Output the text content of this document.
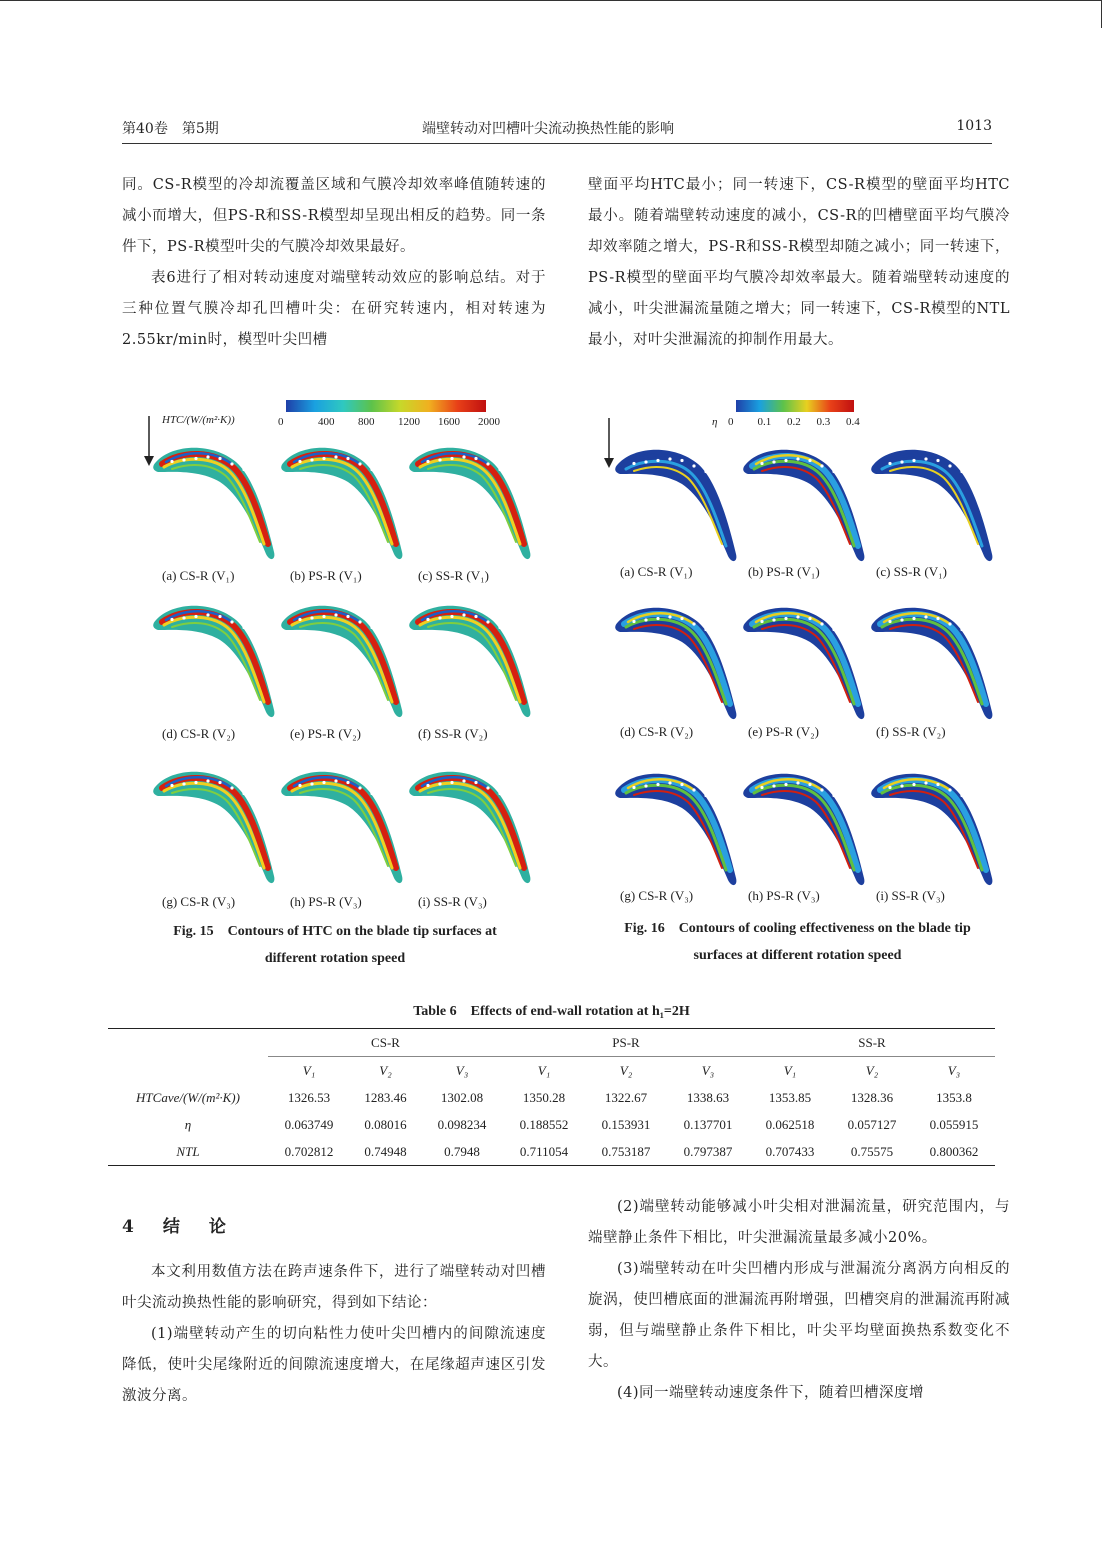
第40卷　第5期	端壁转动对凹槽叶尖流动换热性能的影响	1013

同。CS-R模型的冷却流覆盖区域和气膜冷却效率峰值随转速的减小而增大，但PS-R和SS-R模型却呈现出相反的趋势。同一条件下，PS-R模型叶尖的气膜冷却效果最好。

表6进行了相对转动速度对端壁转动效应的影响总结。对于三种位置气膜冷却孔凹槽叶尖：在研究转速内，相对转速为2.55kr/min时，模型叶尖凹槽

壁面平均HTC最小；同一转速下，CS-R模型的壁面平均HTC最小。随着端壁转动速度的减小，CS-R的凹槽壁面平均气膜冷却效率随之增大，PS-R和SS-R模型却随之减小；同一转速下，PS-R模型的壁面平均气膜冷却效率最大。随着端壁转动速度的减小，叶尖泄漏流量随之增大；同一转速下，CS-R模型的NTL最小，对叶尖泄漏流的抑制作用最大。

HTC/(W/(m²·K))	0	400 800 1200 1600 2000
(a) CS-R (V₁)	(b) PS-R (V₁)	(c) SS-R (V₁)
(d) CS-R (V₂)	(e) PS-R (V₂)	(f) SS-R (V₂)
(g) CS-R (V₃)	(h) PS-R (V₃)	(i) SS-R (V₃)
Fig. 15　Contours of HTC on the blade tip surfaces at
different rotation speed
η 0 0.1 0.2 0.3 0.4
(a) CS-R (V₁)	(b) PS-R (V₁)	(c) SS-R (V₁)
(d) CS-R (V₂)	(e) PS-R (V₂)	(f) SS-R (V₂)
(g) CS-R (V₃)	(h) PS-R (V₃)	(i) SS-R (V₃)
Fig. 16　Contours of cooling effectiveness on the blade tip
surfaces at different rotation speed
Table 6　Effects of end-wall rotation at h₁=2H
	CS-R			PS-R			SS-R		
	V₁	V₂	V₃	V₁	V₂	V₃	V₁	V₂	V₃
HTCave/(W/(m²·K))	1326.53	1283.46	1302.08	1350.28	1322.67	1338.63	1353.85	1328.36	1353.8
η	0.063749	0.08016	0.098234	0.188552	0.153931	0.137701	0.062518	0.057127	0.055915
NTL	0.702812	0.74948	0.7948	0.711054	0.753187	0.797387	0.707433	0.75575	0.800362
4　结　论

本文利用数值方法在跨声速条件下，进行了端壁转动对凹槽叶尖流动换热性能的影响研究，得到如下结论：

(1)端壁转动产生的切向粘性力使叶尖凹槽内的间隙流速度降低，使叶尖尾缘附近的间隙流速度增大，在尾缘超声速区引发激波分离。

(2)端壁转动能够减小叶尖相对泄漏流量，研究范围内，与端壁静止条件下相比，叶尖泄漏流量最多减小20%。

(3)端壁转动在叶尖凹槽内形成与泄漏流分离涡方向相反的旋涡，使凹槽底面的泄漏流再附增强，凹槽突肩的泄漏流再附减弱，但与端壁静止条件下相比，叶尖平均壁面换热系数变化不大。

(4)同一端壁转动速度条件下，随着凹槽深度增
